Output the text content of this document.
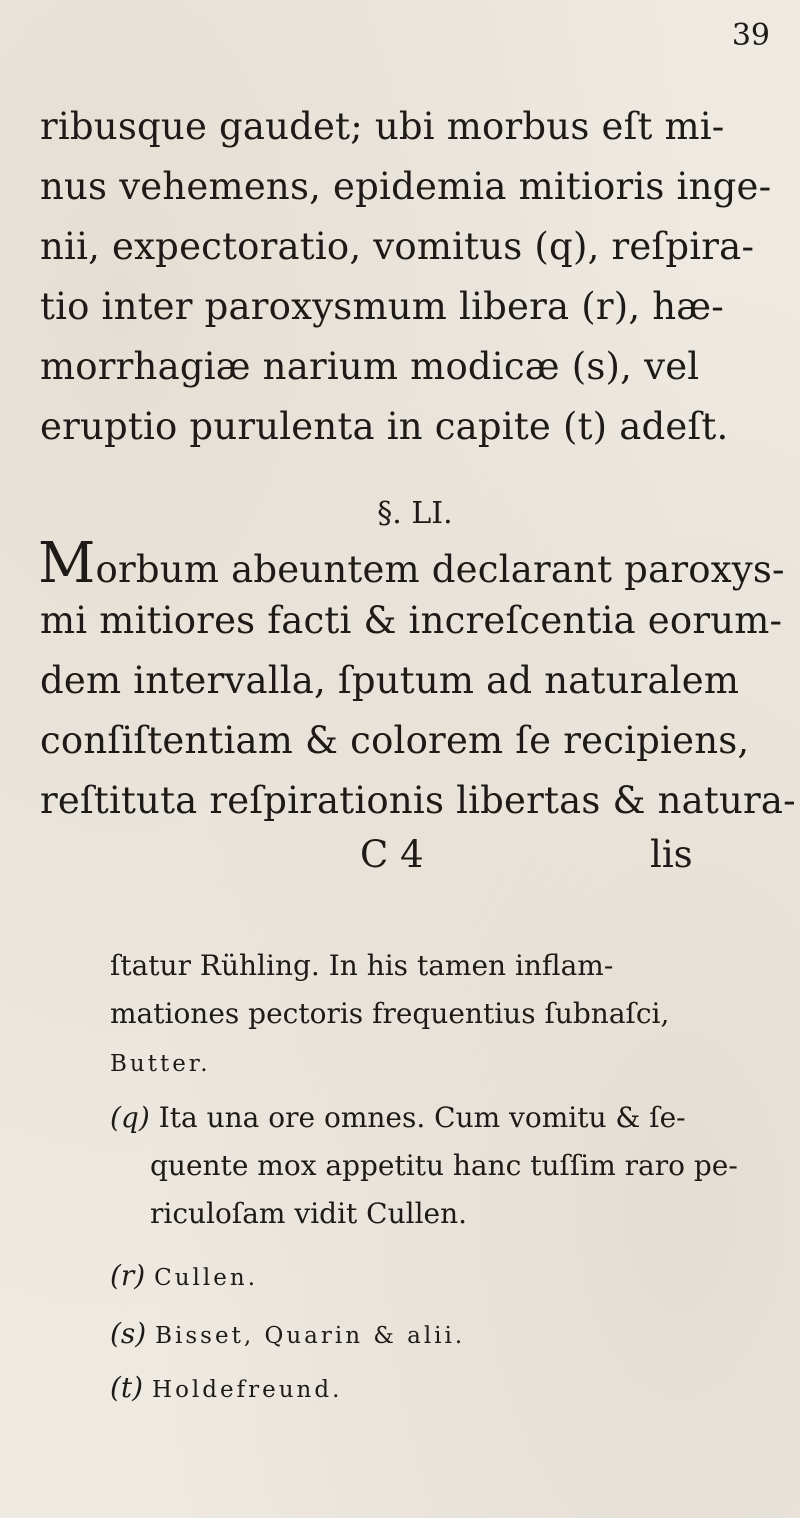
39
ribusque gaudet; ubi morbus eſt mi-
nus vehemens, epidemia mitioris inge-
nii, expectoratio, vomitus (q), reſpira-
tio inter paroxysmum libera (r), hæ-
morrhagiæ narium modicæ (s), vel
eruptio purulenta in capite (t) adeſt.
§. LI.
Morbum abeuntem declarant paroxys-
mi mitiores facti & increſcentia eorum-
dem intervalla, ſputum ad naturalem
conſiſtentiam & colorem ſe recipiens,
reſtituta reſpirationis libertas & natura-
C 4	lis
ſtatur Rühling. In his tamen inflam-
mationes pectoris frequentius ſubnaſci,
Butter.
(q) Ita una ore omnes. Cum vomitu & ſe-
quente mox appetitu hanc tuſſim raro pe-
riculoſam vidit Cullen.
(r) Cullen.
(s) Bisset, Quarin & alii.
(t) Holdefreund.
